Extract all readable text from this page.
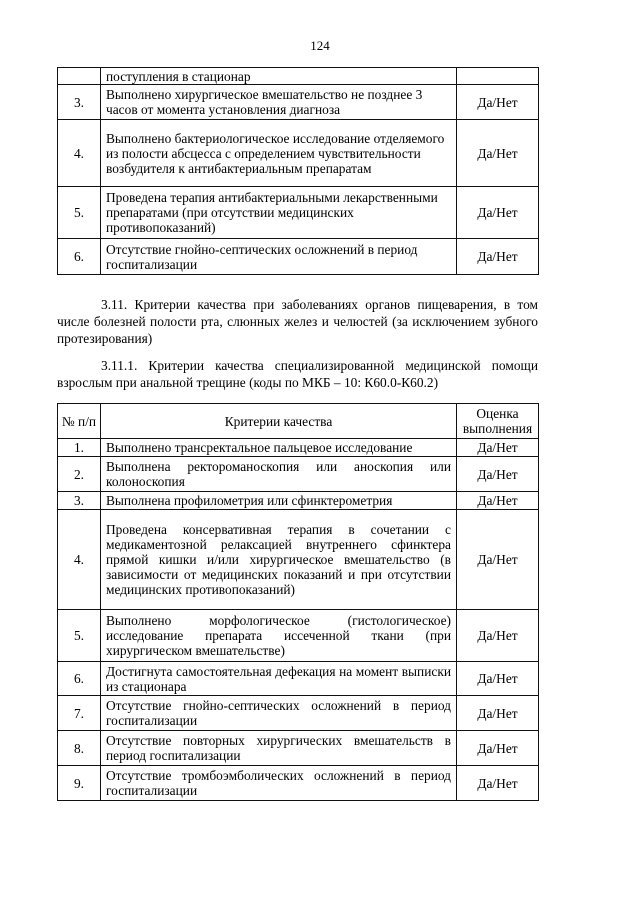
124
	поступления в стационар	
3.	Выполнено хирургическое вмешательство не позднее 3 часов от момента установления диагноза	Да/Нет
4.	Выполнено бактериологическое исследование отделяемого из полости абсцесса с определением чувствительности возбудителя к антибактериальным препаратам	Да/Нет
5.	Проведена терапия антибактериальными лекарственными препаратами (при отсутствии медицинских противопоказаний)	Да/Нет
6.	Отсутствие гнойно-септических осложнений в период госпитализации	Да/Нет

3.11. Критерии качества при заболеваниях органов пищеварения, в том числе болезней полости рта, слюнных желез и челюстей (за исключением зубного протезирования)

3.11.1. Критерии качества специализированной медицинской помощи взрослым при анальной трещине (коды по МКБ – 10: К60.0-К60.2)

№ п/п	Критерии качества	Оценка выполнения
1.	Выполнено трансректальное пальцевое исследование	Да/Нет
2.	Выполнена ректороманоскопия или аноскопия или колоноскопия	Да/Нет
3.	Выполнена профилометрия или сфинктерометрия	Да/Нет
4.	Проведена консервативная терапия в сочетании с медикаментозной релаксацией внутреннего сфинктера прямой кишки и/или хирургическое вмешательство (в зависимости от медицинских показаний и при отсутствии медицинских противопоказаний)	Да/Нет
5.	Выполнено морфологическое (гистологическое) исследование препарата иссеченной ткани (при хирургическом вмешательстве)	Да/Нет
6.	Достигнута самостоятельная дефекация на момент выписки из стационара	Да/Нет
7.	Отсутствие гнойно-септических осложнений в период госпитализации	Да/Нет
8.	Отсутствие повторных хирургических вмешательств в период госпитализации	Да/Нет
9.	Отсутствие тромбоэмболических осложнений в период госпитализации	Да/Нет
